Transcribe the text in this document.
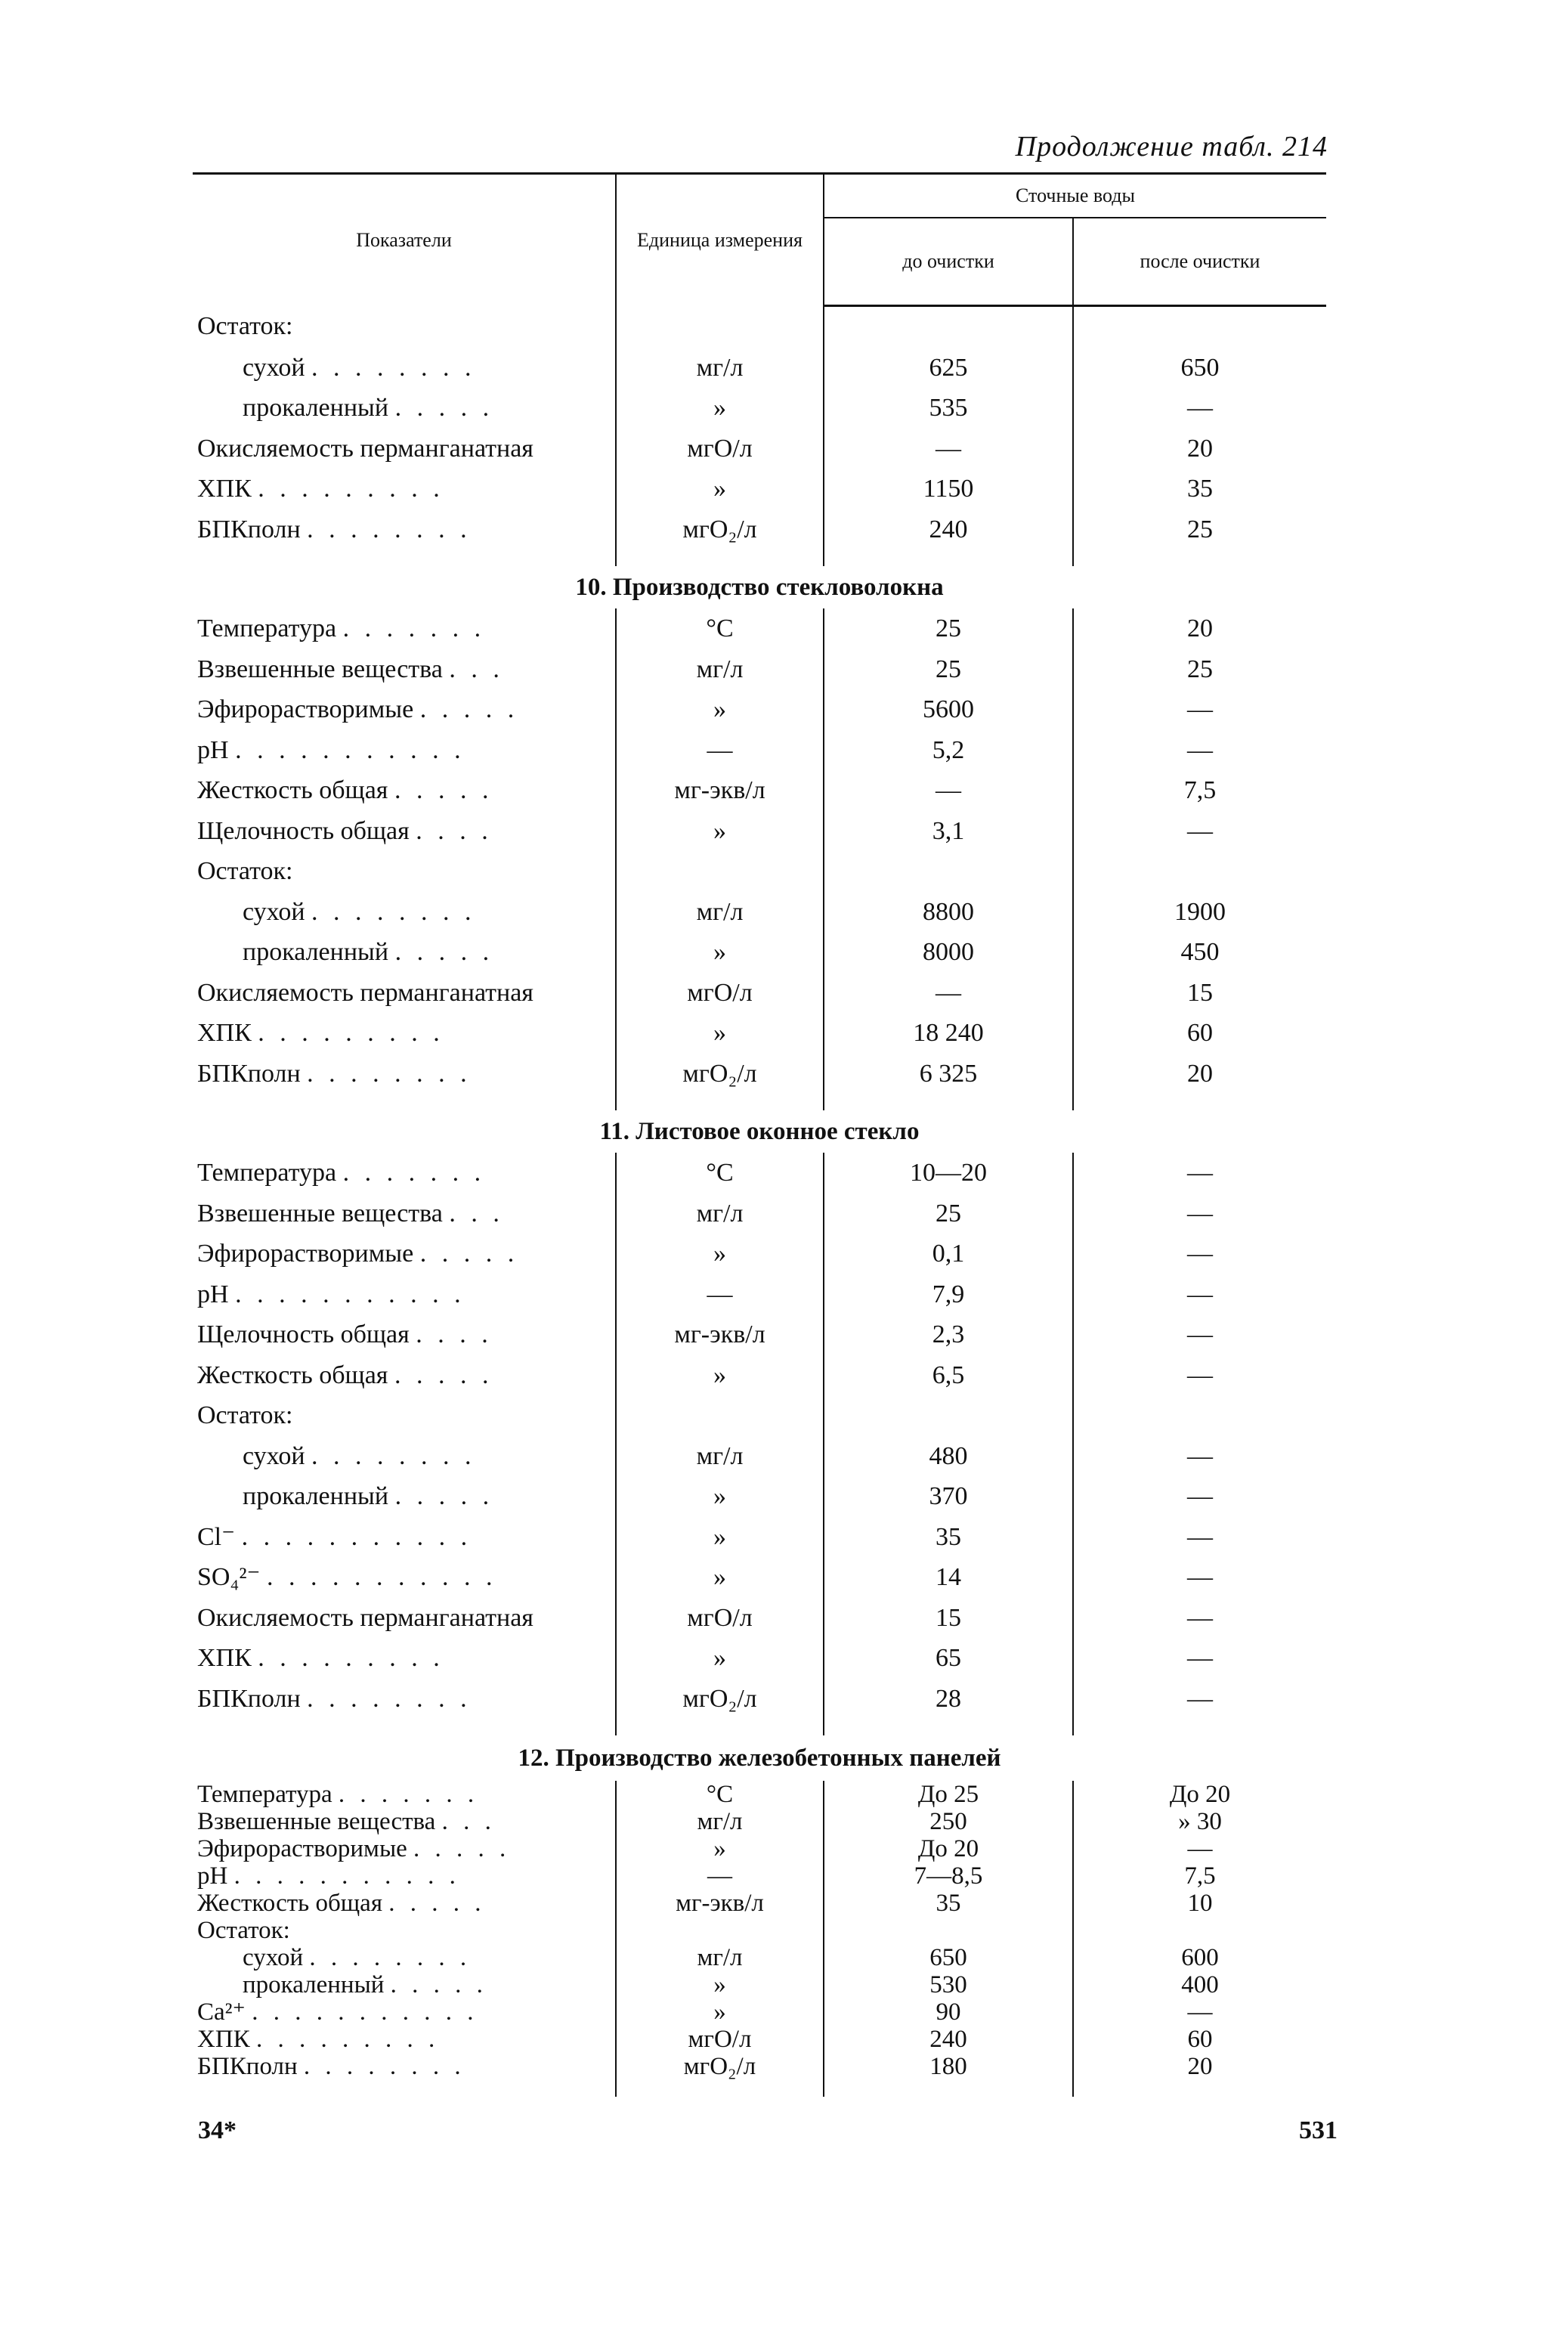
Продолжение табл. 214
Показатели	Единица измерения	Сточные воды	
		до очистки	после очистки
Остаток:			
сухой . . . . . . . .	мг/л	625	650
прокаленный . . . . .	»	535	—
Окисляемость перманганатная	мгО/л	—	20
ХПК . . . . . . . . .	»	1150	35
БПКполн . . . . . . . .	мгО₂/л	240	25

10. Производство стекловолокна			
Температура . . . . . . .	°C	25	20
Взвешенные вещества . . .	мг/л	25	25
Эфирорастворимые . . . . .	»	5600	—
pH . . . . . . . . . . .	—	5,2	—
Жесткость общая . . . . .	мг-экв/л	—	7,5
Щелочность общая . . . .	»	3,1	—
Остаток:			
сухой . . . . . . . .	мг/л	8800	1900
прокаленный . . . . .	»	8000	450
Окисляемость перманганатная	мгО/л	—	15
ХПК . . . . . . . . .	»	18 240	60
БПКполн . . . . . . . .	мгО₂/л	6 325	20

11. Листовое оконное стекло			
Температура . . . . . . .	°C	10—20	—
Взвешенные вещества . . .	мг/л	25	—
Эфирорастворимые . . . . .	»	0,1	—
pH . . . . . . . . . . .	—	7,9	—
Щелочность общая . . . .	мг-экв/л	2,3	—
Жесткость общая . . . . .	»	6,5	—
Остаток:			
сухой . . . . . . . .	мг/л	480	—
прокаленный . . . . .	»	370	—
Cl⁻ . . . . . . . . . . .	»	35	—
SO₄²⁻ . . . . . . . . . . .	»	14	—
Окисляемость перманганатная	мгО/л	15	—
ХПК . . . . . . . . .	»	65	—
БПКполн . . . . . . . .	мгО₂/л	28	—

12. Производство железобетонных панелей			
Температура . . . . . . .	°C	До 25	До 20
Взвешенные вещества . . .	мг/л	250	» 30
Эфирорастворимые . . . . .	»	До 20	—
pH . . . . . . . . . . .	—	7—8,5	7,5
Жесткость общая . . . . .	мг-экв/л	35	10
Остаток:			
сухой . . . . . . . .	мг/л	650	600
прокаленный . . . . .	»	530	400
Ca²⁺ . . . . . . . . . . .	»	90	—
ХПК . . . . . . . . .	мгО/л	240	60
БПКполн . . . . . . . .	мгО₂/л	180	20

34*	531
